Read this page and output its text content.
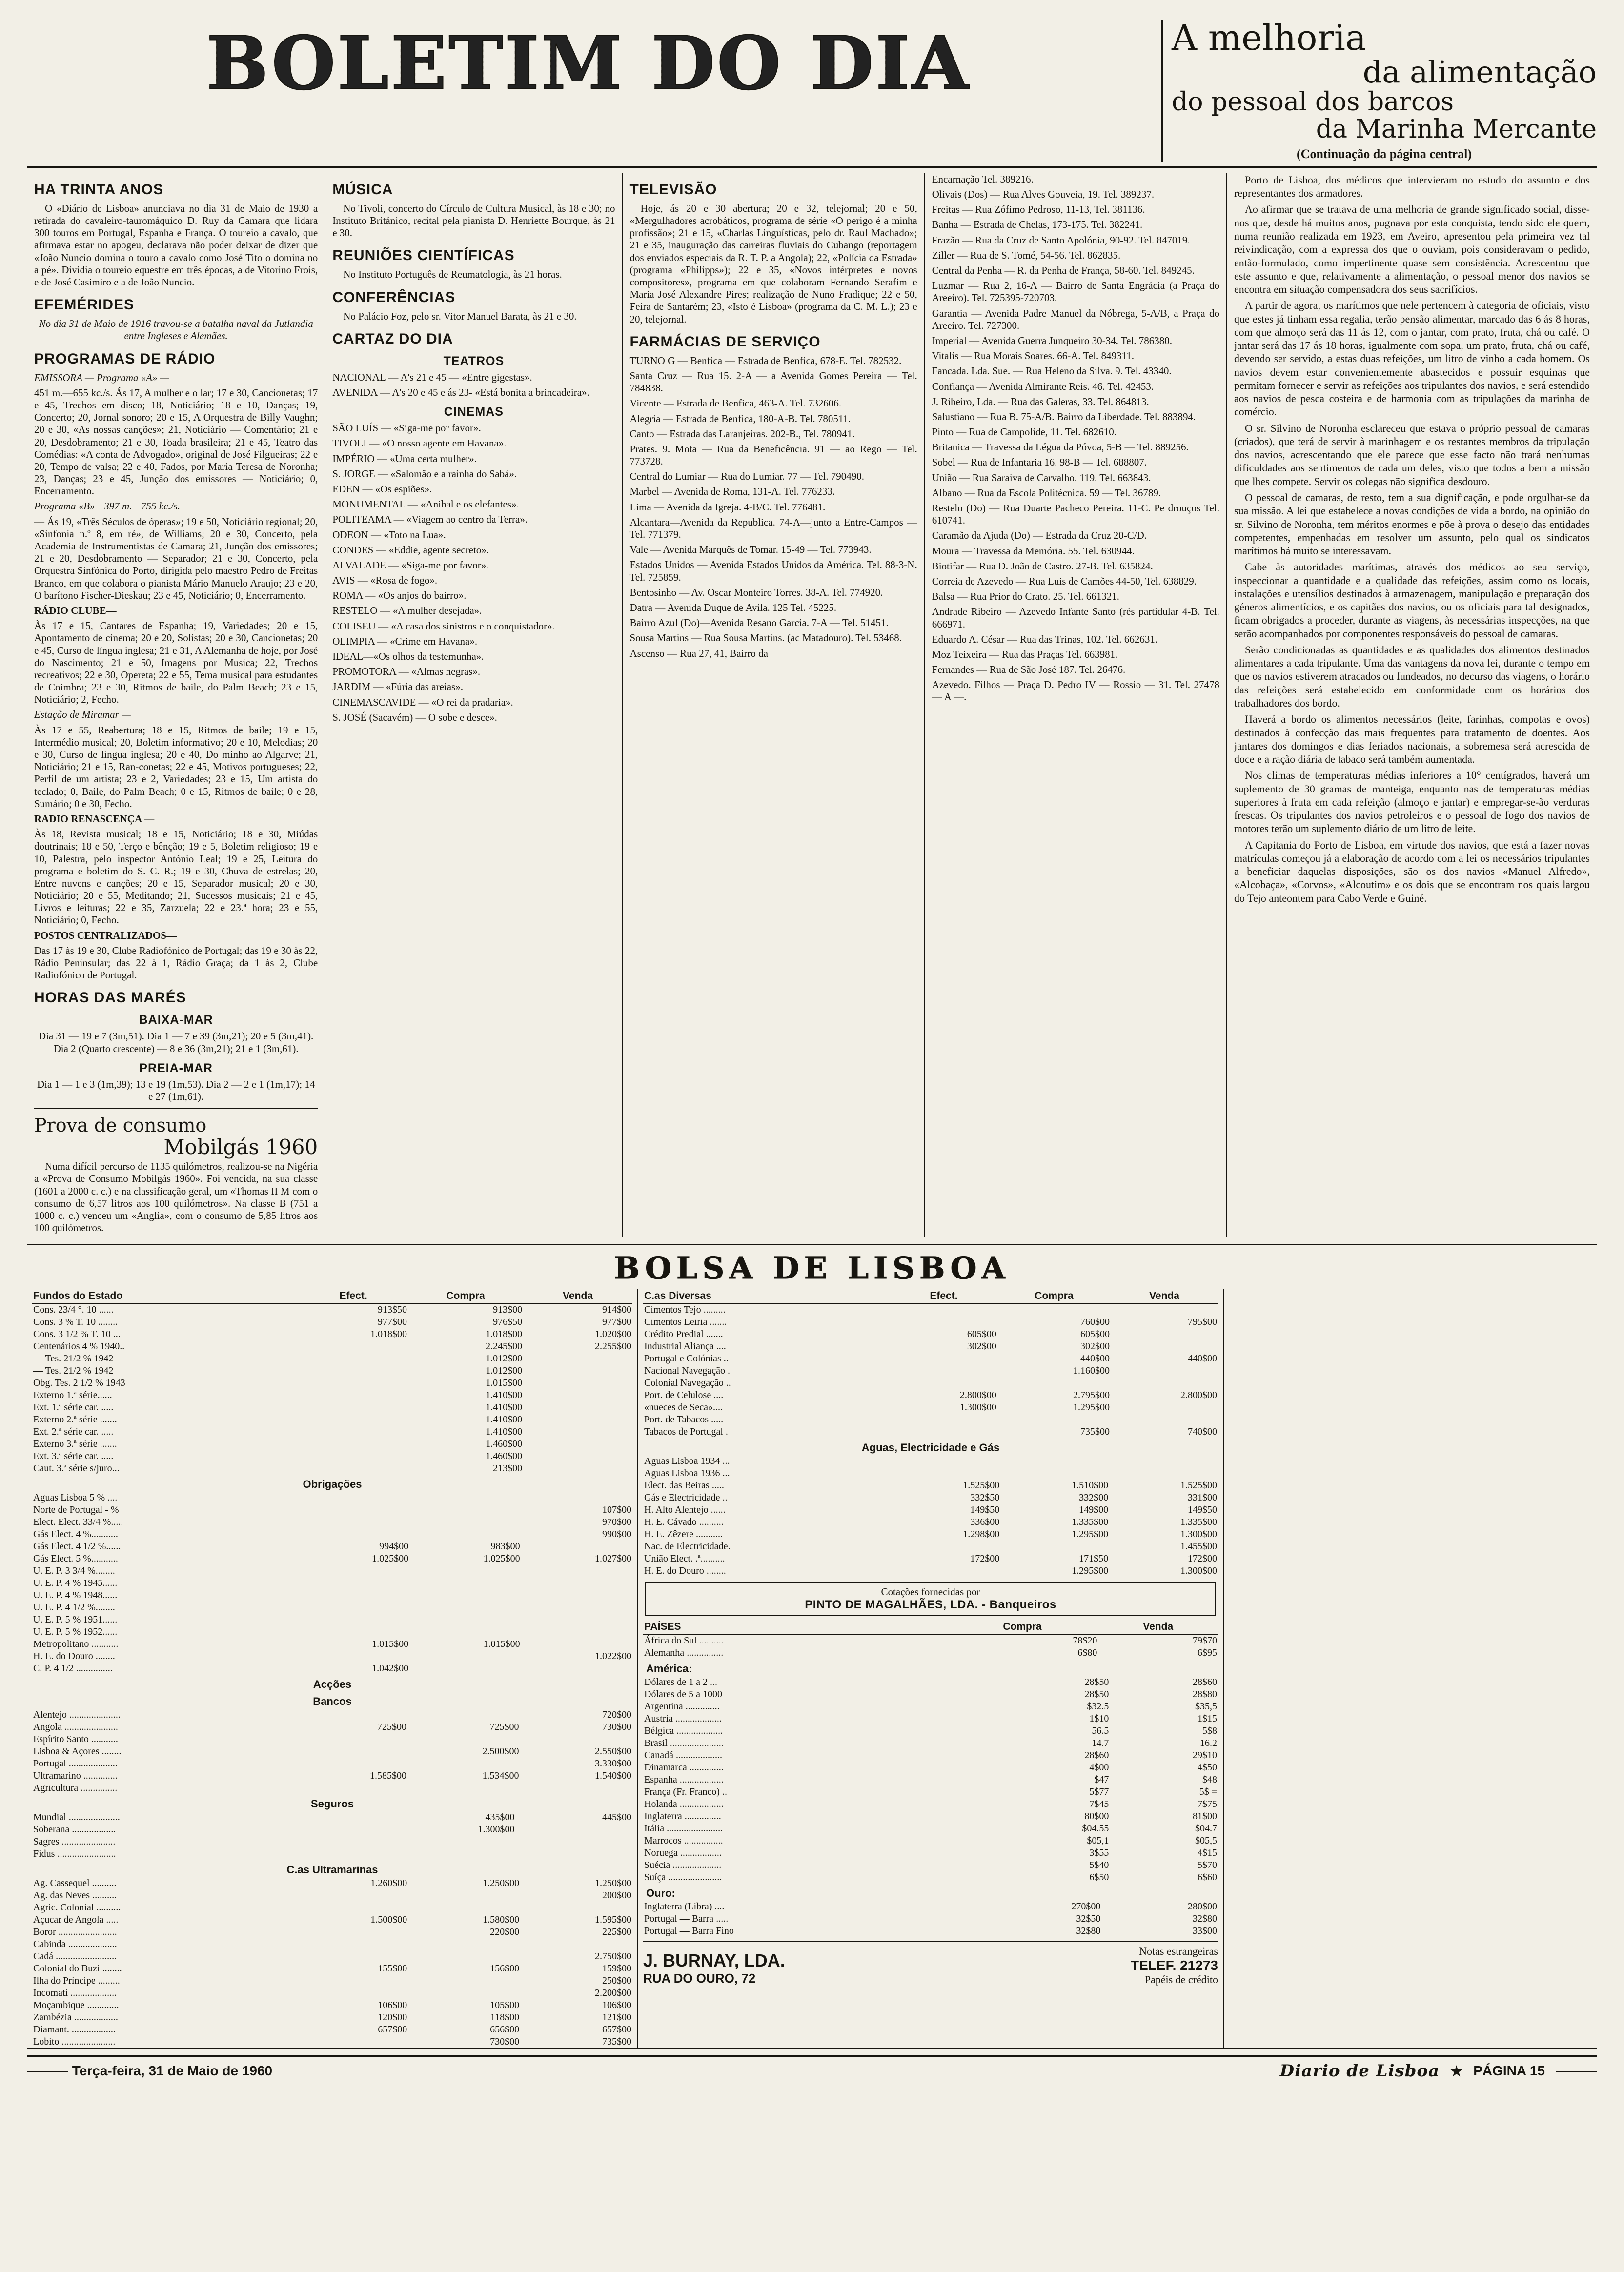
BOLETIM DO DIA	A melhoria
da alimentação
do pessoal dos barcos
da Marinha Mercante
(Continuação da página central)
HA TRINTA ANOS

O «Diário de Lisboa» anunciava no dia 31 de Maio de 1930 a retirada do cavaleiro-tauromáquico D. Ruy da Camara que lidara 300 touros em Portugal, Espanha e França. O toureio a cavalo, que afirmava estar no apogeu, declarava não poder deixar de dizer que «João Nuncio domina o touro a cavalo como José Tito o domina no a pé». Dividia o toureio equestre em três épocas, a de Vitorino Frois, e de José Casimiro e a de João Nuncio.

EFEMÉRIDES

No dia 31 de Maio de 1916 travou-se a batalha naval da Jutlandia entre Ingleses e Alemães.

PROGRAMAS DE RÁDIO

EMISSORA — Programa «A» —

451 m.—655 kc./s. Ás 17, A mulher e o lar; 17 e 30, Cancionetas; 17 e 45, Trechos em disco; 18, Noticiário; 18 e 10, Danças; 19, Concerto; 20, Jornal sonoro; 20 e 15, A Orquestra de Billy Vaughn; 20 e 30, «As nossas canções»; 21, Noticiário — Comentário; 21 e 20, Desdobramento; 21 e 30, Toada brasileira; 21 e 45, Teatro das Comédias: «A conta de Advogado», original de José Filgueiras; 22 e 20, Tempo de valsa; 22 e 40, Fados, por Maria Teresa de Noronha; 23, Danças; 23 e 45, Junção dos emissores — Noticiário; 0, Encerramento.

Programa «B»—397 m.—755 kc./s.

— Ás 19, «Três Séculos de óperas»; 19 e 50, Noticiário regional; 20, «Sinfonia n.º 8, em ré», de Williams; 20 e 30, Concerto, pela Academia de Instrumentistas de Camara; 21, Junção dos emissores; 21 e 20, Desdobramento — Separador; 21 e 30, Concerto, pela Orquestra Sinfónica do Porto, dirigida pelo maestro Pedro de Freitas Branco, em que colabora o pianista Mário Manuelo Araujo; 23 e 20, O barítono Fischer-Dieskau; 23 e 45, Noticiário; 0, Encerramento.

RÁDIO CLUBE—

Às 17 e 15, Cantares de Espanha; 19, Variedades; 20 e 15, Apontamento de cinema; 20 e 20, Solistas; 20 e 30, Cancionetas; 20 e 45, Curso de língua inglesa; 21 e 31, A Alemanha de hoje, por José do Nascimento; 21 e 50, Imagens por Musica; 22, Trechos recreativos; 22 e 30, Opereta; 22 e 55, Tema musical para estudantes de Coimbra; 23 e 30, Ritmos de baile, do Palm Beach; 23 e 15, Noticiário; 2, Fecho.

Estação de Miramar —

Às 17 e 55, Reabertura; 18 e 15, Ritmos de baile; 19 e 15, Intermédio musical; 20, Boletim informativo; 20 e 10, Melodias; 20 e 30, Curso de língua inglesa; 20 e 40, Do minho ao Algarve; 21, Noticiário; 21 e 15, Ran-conetas; 22 e 45, Motivos portugueses; 22, Perfil de um artista; 23 e 2, Variedades; 23 e 15, Um artista do teclado; 0, Baile, do Palm Beach; 0 e 15, Ritmos de baile; 0 e 28, Sumário; 0 e 30, Fecho.

RADIO RENASCENÇA —

Às 18, Revista musical; 18 e 15, Noticiário; 18 e 30, Miúdas doutrinais; 18 e 50, Terço e bênção; 19 e 5, Boletim religioso; 19 e 10, Palestra, pelo inspector António Leal; 19 e 25, Leitura do programa e boletim do S. C. R.; 19 e 30, Chuva de estrelas; 20, Entre nuvens e canções; 20 e 15, Separador musical; 20 e 30, Noticiário; 20 e 55, Meditando; 21, Sucessos musicais; 21 e 45, Livros e leituras; 22 e 35, Zarzuela; 22 e 23.ª hora; 23 e 55, Noticiário; 0, Fecho.

POSTOS CENTRALIZADOS—

Das 17 às 19 e 30, Clube Radiofónico de Portugal; das 19 e 30 às 22, Rádio Peninsular; das 22 à 1, Rádio Graça; da 1 às 2, Clube Radiofónico de Portugal.

HORAS DAS MARÉS
BAIXA-MAR

Dia 31 — 19 e 7 (3m,51). Dia 1 — 7 e 39 (3m,21); 20 e 5 (3m,41). Dia 2 (Quarto crescente) — 8 e 36 (3m,21); 21 e 1 (3m,61).

PREIA-MAR

Dia 1 — 1 e 3 (1m,39); 13 e 19 (1m,53). Dia 2 — 2 e 1 (1m,17); 14 e 27 (1m,61).

Prova de consumo
Mobilgás 1960

Numa difícil percurso de 1135 quilómetros, realizou-se na Nigéria a «Prova de Consumo Mobilgás 1960». Foi vencida, na sua classe (1601 a 2000 c. c.) e na classificação geral, um «Thomas II M com o consumo de 6,57 litros aos 100 quilómetros». Na classe B (751 a 1000 c. c.) venceu um «Anglia», com o consumo de 5,85 litros aos 100 quilómetros.

MÚSICA

No Tivoli, concerto do Círculo de Cultura Musical, às 18 e 30; no Instituto Británico, recital pela pianista D. Henriette Bourque, às 21 e 30.

REUNIÕES CIENTÍFICAS

No Instituto Português de Reumatologia, às 21 horas.

CONFERÊNCIAS

No Palácio Foz, pelo sr. Vitor Manuel Barata, às 21 e 30.

CARTAZ DO DIA
TEATROS

NACIONAL — A's 21 e 45 — «Entre gigestas».

AVENIDA — A's 20 e 45 e ás 23- «Está bonita a brincadeira».

CINEMAS

SÃO LUÍS — «Siga-me por favor».

TIVOLI — «O nosso agente em Havana».

IMPÉRIO — «Uma certa mulher».

S. JORGE — «Salomão e a rainha do Sabá».

EDEN — «Os espiões».

MONUMENTAL — «Anibal e os elefantes».

POLITEAMA — «Viagem ao centro da Terra».

ODEON — «Toto na Lua».

CONDES — «Eddie, agente secreto».

ALVALADE — «Siga-me por favor».

AVIS — «Rosa de fogo».

ROMA — «Os anjos do bairro».

RESTELO — «A mulher desejada».

COLISEU — «A casa dos sinistros e o conquistador».

OLIMPIA — «Crime em Havana».

IDEAL—«Os olhos da testemunha».

PROMOTORA — «Almas negras».

JARDIM — «Fúria das areias».

CINEMASCAVIDE — «O rei da pradaria».

S. JOSÉ (Sacavém) — O sobe e desce».

TELEVISÃO

Hoje, ás 20 e 30 abertura; 20 e 32, telejornal; 20 e 50, «Mergulhadores acrobáticos, programa de série «O perigo é a minha profissão»; 21 e 15, «Charlas Linguísticas, pelo dr. Raul Machado»; 21 e 35, inauguração das carreiras fluviais do Cubango (reportagem dos enviados especiais da R. T. P. a Angola); 22, «Polícia da Estrada» (programa «Philipps»); 22 e 35, «Novos intérpretes e novos compositores», programa em que colaboram Fernando Serafim e Maria José Alexandre Pires; realização de Nuno Fradique; 22 e 50, Feira de Santarém; 23, «Isto é Lisboa» (programa da C. M. L.); 23 e 20, telejornal.

FARMÁCIAS DE SERVIÇO

TURNO G — Benfica — Estrada de Benfica, 678-E. Tel. 782532.

Santa Cruz — Rua 15. 2-A — a Avenida Gomes Pereira — Tel. 784838.

Vicente — Estrada de Benfica, 463-A. Tel. 732606.

Alegria — Estrada de Benfica, 180-A-B. Tel. 780511.

Canto — Estrada das Laranjeiras. 202-B., Tel. 780941.

Prates. 9. Mota — Rua da Beneficência. 91 — ao Rego — Tel. 773728.

Central do Lumiar — Rua do Lumiar. 77 — Tel. 790490.

Marbel — Avenida de Roma, 131-A. Tel. 776233.

Lima — Avenida da Igreja. 4-B/C. Tel. 776481.

Alcantara—Avenida da Republica. 74-A—junto a Entre-Campos — Tel. 771379.

Vale — Avenida Marquês de Tomar. 15-49 — Tel. 773943.

Estados Unidos — Avenida Estados Unidos da América. Tel. 88-3-N. Tel. 725859.

Bentosinho — Av. Oscar Monteiro Torres. 38-A. Tel. 774920.

Datra — Avenida Duque de Avila. 125 Tel. 45225.

Bairro Azul (Do)—Avenida Resano Garcia. 7-A — Tel. 51451.

Sousa Martins — Rua Sousa Martins. (ac Matadouro). Tel. 53468.

Ascenso — Rua 27, 41, Bairro da

Encarnação Tel. 389216.

Olivais (Dos) — Rua Alves Gouveia, 19. Tel. 389237.

Freitas — Rua Zófimo Pedroso, 11-13, Tel. 381136.

Banha — Estrada de Chelas, 173-175. Tel. 382241.

Frazão — Rua da Cruz de Santo Apolónia, 90-92. Tel. 847019.

Ziller — Rua de S. Tomé, 54-56. Tel. 862835.

Central da Penha — R. da Penha de França, 58-60. Tel. 849245.

Luzmar — Rua 2, 16-A — Bairro de Santa Engrácia (a Praça do Areeiro). Tel. 725395-720703.

Garantia — Avenida Padre Manuel da Nóbrega, 5-A/B, a Praça do Areeiro. Tel. 727300.

Imperial — Avenida Guerra Junqueiro 30-34. Tel. 786380.

Vitalis — Rua Morais Soares. 66-A. Tel. 849311.

Fancada. Lda. Sue. — Rua Heleno da Silva. 9. Tel. 43340.

Confiança — Avenida Almirante Reis. 46. Tel. 42453.

J. Ribeiro, Lda. — Rua das Galeras, 33. Tel. 864813.

Salustiano — Rua B. 75-A/B. Bairro da Liberdade. Tel. 883894.

Pinto — Rua de Campolide, 11. Tel. 682610.

Britanica — Travessa da Légua da Póvoa, 5-B — Tel. 889256.

Sobel — Rua de Infantaria 16. 98-B — Tel. 688807.

União — Rua Saraiva de Carvalho. 119. Tel. 663843.

Albano — Rua da Escola Politécnica. 59 — Tel. 36789.

Restelo (Do) — Rua Duarte Pacheco Pereira. 11-C. Pe drouços Tel. 610741.

Caramão da Ajuda (Do) — Estrada da Cruz 20-C/D.

Moura — Travessa da Memória. 55. Tel. 630944.

Biotifar — Rua D. João de Castro. 27-B. Tel. 635824.

Correia de Azevedo — Rua Luis de Camões 44-50, Tel. 638829.

Balsa — Rua Prior do Crato. 25. Tel. 661321.

Andrade Ribeiro — Azevedo Infante Santo (rés partidular 4-B. Tel. 666971.

Eduardo A. César — Rua das Trinas, 102. Tel. 662631.

Moz Teixeira — Rua das Praças Tel. 663981.

Fernandes — Rua de São José 187. Tel. 26476.

Azevedo. Filhos — Praça D. Pedro IV — Rossio — 31. Tel. 27478 — A —.

Porto de Lisboa, dos médicos que intervieram no estudo do assunto e dos representantes dos armadores.

Ao afirmar que se tratava de uma melhoria de grande significado social, disse-nos que, desde há muitos anos, pugnava por esta conquista, tendo sido ele quem, numa reunião realizada em 1923, em Aveiro, apresentou pela primeira vez tal reivindicação, com a expressa dos que o ouviam, pois consideravam o pedido, então-formulado, como impertinente quase sem consistência. Acrescentou que este assunto e que, relativamente a alimentação, o pessoal menor dos navios se encontra em situação compensadora dos seus sacrifícios.

A partir de agora, os marítimos que nele pertencem à categoria de oficiais, visto que estes já tinham essa regalia, terão pensão alimentar, marcado das 6 ás 8 horas, com que almoço será das 11 ás 12, com o jantar, com prato, fruta, chá ou café. O jantar será das 17 ás 18 horas, igualmente com sopa, um prato, fruta, chá ou café, devendo ser servido, a estas duas refeições, um litro de vinho a cada homem. Os navios devem estar convenientemente abastecidos e possuir esquinas que permitam fornecer e servir as refeições aos tripulantes dos navios, e será estendido aos navios de pesca costeira e de harmonia com as tripulações da marinha de comércio.

O sr. Silvino de Noronha esclareceu que estava o próprio pessoal de camaras (criados), que terá de servir à marinhagem e os restantes membros da tripulação dos navios, acrescentando que ele parece que esse facto não trará nenhumas dificuldades aos sentimentos de cada um deles, visto que todos a bem a missão que lhes compete. Servir os colegas não significa desdouro.

O pessoal de camaras, de resto, tem a sua dignificação, e pode orgulhar-se da sua missão. A lei que estabelece a novas condições de vida a bordo, na opinião do sr. Silvino de Noronha, tem méritos enormes e põe à prova o desejo das entidades competentes, empenhadas em resolver um assunto, pelo qual os sindicatos marítimos há muito se interessavam.

Cabe às autoridades marítimas, através dos médicos ao seu serviço, inspeccionar a quantidade e a qualidade das refeições, assim como os locais, instalações e utensílios destinados à armazenagem, manipulação e preparação dos géneros alimentícios, e os capitães dos navios, ou os oficiais para tal designados, ficam obrigados a proceder, durante as viagens, às necessárias inspecções, na que serão acompanhados por componentes responsáveis do pessoal de camaras.

Serão condicionadas as quantidades e as qualidades dos alimentos destinados alimentares a cada tripulante. Uma das vantagens da nova lei, durante o tempo em que os navios estiverem atracados ou fundeados, no decurso das viagens, o horário das refeições será estabelecido em conformidade com os horários dos trabalhadores dos bordo.

Haverá a bordo os alimentos necessários (leite, farinhas, compotas e ovos) destinados à confecção das mais frequentes para tratamento de doentes. Aos jantares dos domingos e dias feriados nacionais, a sobremesa será acrescida de doce e a ração diária de tabaco será também aumentada.

Nos climas de temperaturas médias inferiores a 10° centígrados, haverá um suplemento de 30 gramas de manteiga, enquanto nas de temperaturas médias superiores à fruta em cada refeição (almoço e jantar) e empregar-se-ão verduras frescas. Os tripulantes dos navios petroleiros e o pessoal de fogo dos navios de motores terão um suplemento diário de um litro de leite.

A Capitania do Porto de Lisboa, em virtude dos navios, que está a fazer novas matrículas começou já a elaboração de acordo com a lei os necessários tripulantes a beneficiar daquelas disposições, são os dos navios «Manuel Alfredo», «Alcobaça», «Corvos», «Alcoutim» e os dois que se encontram nos quais largou do Tejo anteontem para Cabo Verde e Guiné.

BOLSA DE LISBOA
Fundos do Estado	Efect.	Compra	Venda
Cons. 23/4 °. 10 ......	913$50	913$00	914$00
Cons. 3 % T. 10 ........	977$00	976$50	977$00
Cons. 3 1/2 % T. 10 ...	1.018$00	1.018$00	1.020$00
Centenários 4 % 1940..		2.245$00	2.255$00
— Tes. 21/2 % 1942		1.012$00	
— Tes. 21/2 % 1942		1.012$00	
Obg. Tes. 2 1/2 % 1943		1.015$00	
Externo 1.ª série......		1.410$00	
Ext. 1.ª série car. .....		1.410$00	
Externo 2.ª série .......		1.410$00	
Ext. 2.ª série car. .....		1.410$00	
Externo 3.ª série .......		1.460$00	
Ext. 3.ª série car. .....		1.460$00	
Caut. 3.ª série s/juro...		213$00	
Obrigações
Aguas Lisboa 5 % ....			
Norte de Portugal - %			107$00
Elect. Elect. 33/4 %.....			970$00
Gás Elect. 4 %...........			990$00
Gás Elect. 4 1/2 %......	994$00	983$00	
Gás Elect. 5 %...........	1.025$00	1.025$00	1.027$00
U. E. P. 3 3/4 %........			
U. E. P. 4 % 1945......			
U. E. P. 4 % 1948......			
U. E. P. 4 1/2 %........			
U. E. P. 5 % 1951......			
U. E. P. 5 % 1952......			
Metropolitano ...........	1.015$00	1.015$00	
H. E. do Douro ........			1.022$00
C. P. 4 1/2 ...............	1.042$00		
Acções
Bancos
Alentejo .....................			720$00
Angola ......................	725$00	725$00	730$00
Espírito Santo ...........			
Lisboa & Açores ........		2.500$00	2.550$00
Portugal ....................			3.330$00
Ultramarino ..............	1.585$00	1.534$00	1.540$00
Agricultura ...............			
Seguros
Mundial .....................		435$00	445$00
Soberana ..................		1.300$00	
Sagres ......................			
Fidus ........................			
C.as Ultramarinas
Ag. Cassequel ..........	1.260$00	1.250$00	1.250$00
Ag. das Neves ..........			200$00
Agric. Colonial ..........			
Açucar de Angola .....	1.500$00	1.580$00	1.595$00
Boror ........................		220$00	225$00
Cabinda ....................			
Cadá .........................			2.750$00
Colonial do Buzi ........	155$00	156$00	159$00
Ilha do Príncipe .........			250$00
Incomati ...................			2.200$00
Moçambique .............	106$00	105$00	106$00
Zambézia ..................	120$00	118$00	121$00
Diamant. ..................	657$00	656$00	657$00
Lobito ......................		730$00	735$00
C.as Diversas	Efect.	Compra	Venda
Cimentos Tejo .........			
Cimentos Leiria .......		760$00	795$00
Crédito Predial .......	605$00	605$00	
Industrial Aliança ....	302$00	302$00	
Portugal e Colónias ..		440$00	440$00
Nacional Navegação .		1.160$00	
Colonial Navegação ..			
Port. de Celulose ....	2.800$00	2.795$00	2.800$00
«nueces de Seca»....	1.300$00	1.295$00	
Port. de Tabacos .....			
Tabacos de Portugal .		735$00	740$00
Aguas, Electricidade e Gás
Aguas Lisboa 1934 ...			
Aguas Lisboa 1936 ...			
Elect. das Beiras .....	1.525$00	1.510$00	1.525$00
Gás e Electricidade ..	332$50	332$00	331$00
H. Alto Alentejo ......	149$50	149$00	149$50
H. E. Cávado ..........	336$00	1.335$00	1.335$00
H. E. Zêzere ...........	1.298$00	1.295$00	1.300$00
Nac. de Electricidade.			1.455$00
União Elect. .ª..........	172$00	171$50	172$00
H. E. do Douro ........		1.295$00	1.300$00
Cotações fornecidas por
PINTO DE MAGALHÃES, LDA. - Banqueiros
PAÍSES	Compra	Venda
África do Sul ..........	78$20	79$70
Alemanha ...............	6$80	6$95
América:
Dólares de 1 a 2 ...	28$50	28$60
Dólares de 5 a 1000	28$50	28$80
Argentina ..............	$32.5	$35,5
Austria ...................	1$10	1$15
Bélgica ...................	56.5	5$8
Brasil ......................	14.7	16.2
Canadá ...................	28$60	29$10
Dinamarca ..............	4$00	4$50
Espanha ..................	$47	$48
França (Fr. Franco) ..	5$77	5$ =
Holanda ..................	7$45	7$75
Inglaterra ...............	80$00	81$00
Itália .......................	$04.55	$04.7
Marrocos ................	$05,1	$05,5
Noruega .................	3$55	4$15
Suécia ....................	5$40	5$70
Suíça ......................	6$50	6$60
Ouro:
Inglaterra (Libra) ....	270$00	280$00
Portugal — Barra .....	32$50	32$80
Portugal — Barra Fino	32$80	33$00
J. BURNAY, LDA.
RUA DO OURO, 72
Notas estrangeiras
TELEF. 21273
Papéis de crédito

——— Terça-feira, 31 de Maio de 1960	Diario de Lisboa ★ PÁGINA 15 ———
